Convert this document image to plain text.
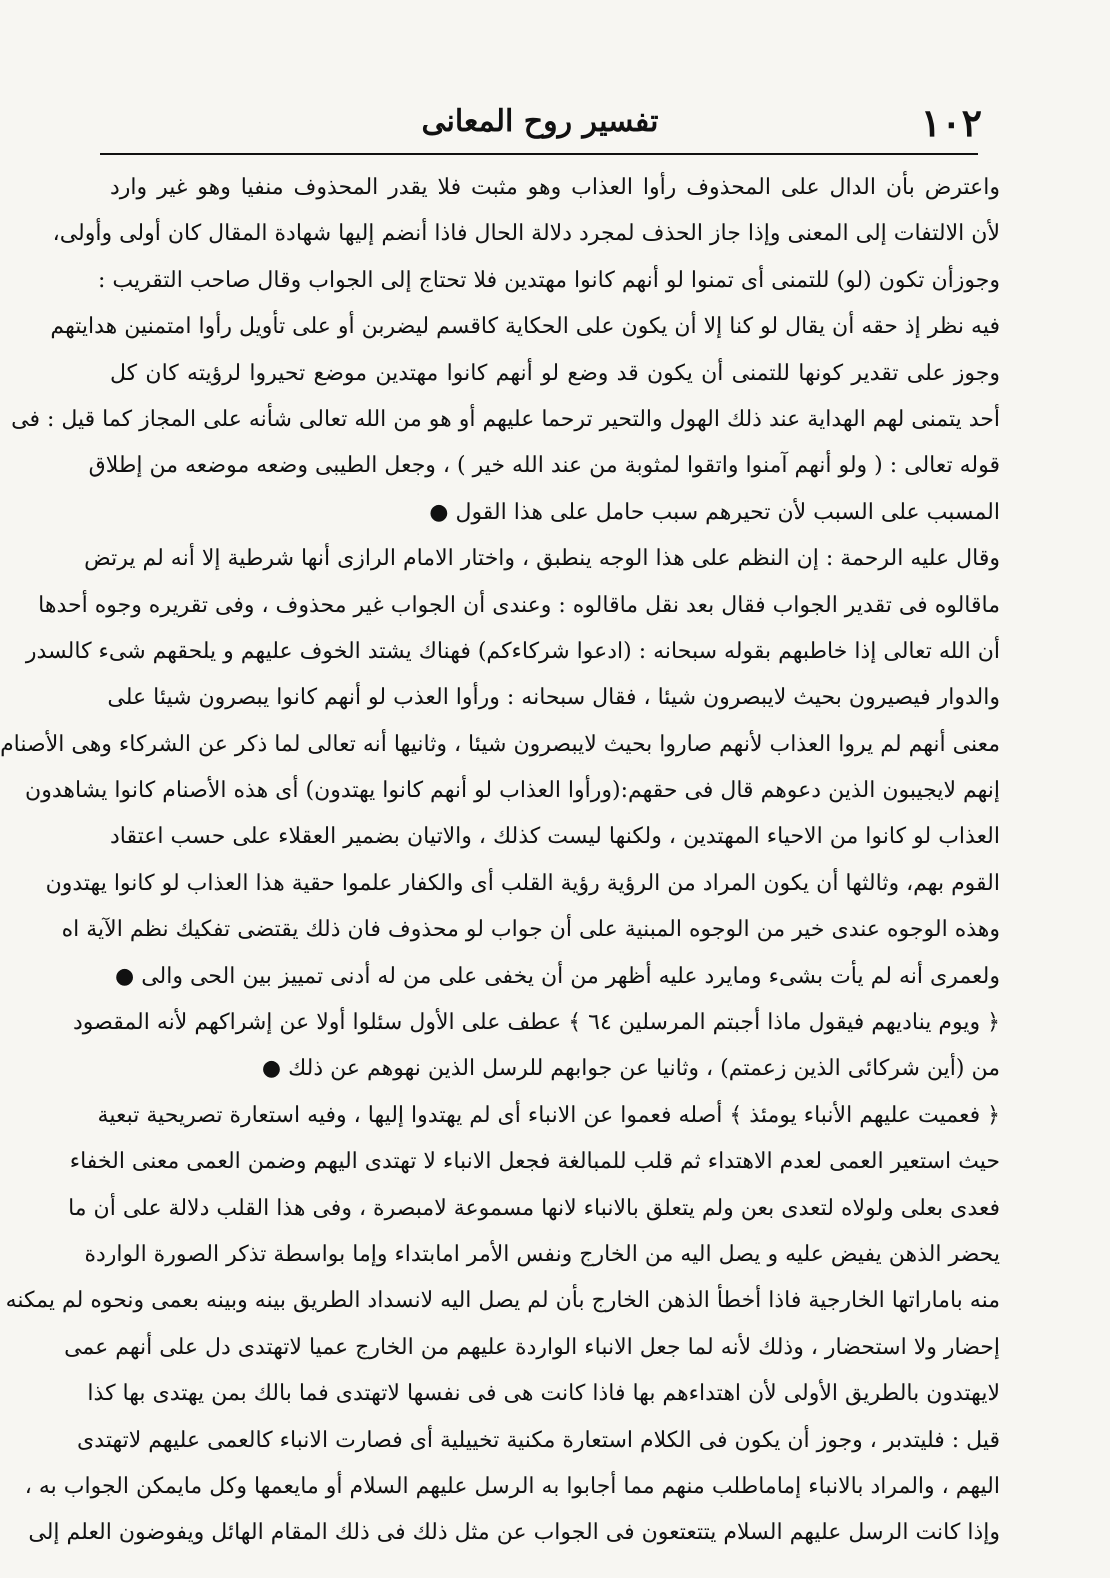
١٠٢
تفسير روح المعانى
واعترض بأن الدال على المحذوف رأوا العذاب وهو مثبت فلا يقدر المحذوف منفيا وهو غير وارد
لأن الالتفات إلى المعنى وإذا جاز الحذف لمجرد دلالة الحال فاذا أنضم إليها شهادة المقال كان أولى وأولى،
وجوزأن تكون (لو) للتمنى أى تمنوا لو أنهم كانوا مهتدين فلا تحتاج إلى الجواب وقال صاحب التقريب :
فيه نظر إذ حقه أن يقال لو كنا إلا أن يكون على الحكاية كاقسم ليضربن أو على تأويل رأوا امتمنين هدايتهم
وجوز على تقدير كونها للتمنى أن يكون قد وضع لو أنهم كانوا مهتدين موضع تحيروا لرؤيته كان كل
أحد يتمنى لهم الهداية عند ذلك الهول والتحير ترحما عليهم أو هو من الله تعالى شأنه على المجاز كما قيل : فى
قوله تعالى : ( ولو أنهم آمنوا واتقوا لمثوبة من عند الله خير ) ، وجعل الطيبى وضعه موضعه من إطلاق
المسبب على السبب لأن تحيرهم سبب حامل على هذا القول ●
وقال عليه الرحمة : إن النظم على هذا الوجه ينطبق ، واختار الامام الرازى أنها شرطية إلا أنه لم يرتض
ماقالوه فى تقدير الجواب فقال بعد نقل ماقالوه : وعندى أن الجواب غير محذوف ، وفى تقريره وجوه أحدها
أن الله تعالى إذا خاطبهم بقوله سبحانه : (ادعوا شركاءكم) فهناك يشتد الخوف عليهم و يلحقهم شىء كالسدر
والدوار فيصيرون بحيث لايبصرون شيئا ، فقال سبحانه : ورأوا العذب لو أنهم كانوا يبصرون شيئا على
معنى أنهم لم يروا العذاب لأنهم صاروا بحيث لايبصرون شيئا ، وثانيها أنه تعالى لما ذكر عن الشركاء وهى الأصنام
إنهم لايجيبون الذين دعوهم قال فى حقهم:(ورأوا العذاب لو أنهم كانوا يهتدون) أى هذه الأصنام كانوا يشاهدون
العذاب لو كانوا من الاحياء المهتدين ، ولكنها ليست كذلك ، والاتيان بضمير العقلاء على حسب اعتقاد
القوم بهم، وثالثها أن يكون المراد من الرؤية رؤية القلب أى والكفار علموا حقية هذا العذاب لو كانوا يهتدون
وهذه الوجوه عندى خير من الوجوه المبنية على أن جواب لو محذوف فان ذلك يقتضى تفكيك نظم الآية اه
ولعمرى أنه لم يأت بشىء ومايرد عليه أظهر من أن يخفى على من له أدنى تمييز بين الحى والى ●
﴿ ويوم يناديهم فيقول ماذا أجبتم المرسلين ٦٤ ﴾ عطف على الأول سئلوا أولا عن إشراكهم لأنه المقصود
من (أين شركائى الذين زعمتم) ، وثانيا عن جوابهم للرسل الذين نهوهم عن ذلك ●
﴿ فعميت عليهم الأنباء يومئذ ﴾ أصله فعموا عن الانباء أى لم يهتدوا إليها ، وفيه استعارة تصريحية تبعية
حيث استعير العمى لعدم الاهتداء ثم قلب للمبالغة فجعل الانباء لا تهتدى اليهم وضمن العمى معنى الخفاء
فعدى بعلى ولولاه لتعدى بعن ولم يتعلق بالانباء لانها مسموعة لامبصرة ، وفى هذا القلب دلالة على أن ما
يحضر الذهن يفيض عليه و يصل اليه من الخارج ونفس الأمر امابتداء وإما بواسطة تذكر الصورة الواردة
منه باماراتها الخارجية فاذا أخطأ الذهن الخارج بأن لم يصل اليه لانسداد الطريق بينه وبينه بعمى ونحوه لم يمكنه
إحضار ولا استحضار ، وذلك لأنه لما جعل الانباء الواردة عليهم من الخارج عميا لاتهتدى دل على أنهم عمى
لايهتدون بالطريق الأولى لأن اهتداءهم بها فاذا كانت هى فى نفسها لاتهتدى فما بالك بمن يهتدى بها كذا
قيل : فليتدبر ، وجوز أن يكون فى الكلام استعارة مكنية تخييلية أى فصارت الانباء كالعمى عليهم لاتهتدى
اليهم ، والمراد بالانباء إماماطلب منهم مما أجابوا به الرسل عليهم السلام أو مايعمها وكل مايمكن الجواب به ،
وإذا كانت الرسل عليهم السلام يتتعتعون فى الجواب عن مثل ذلك فى ذلك المقام الهائل ويفوضون العلم إلى
